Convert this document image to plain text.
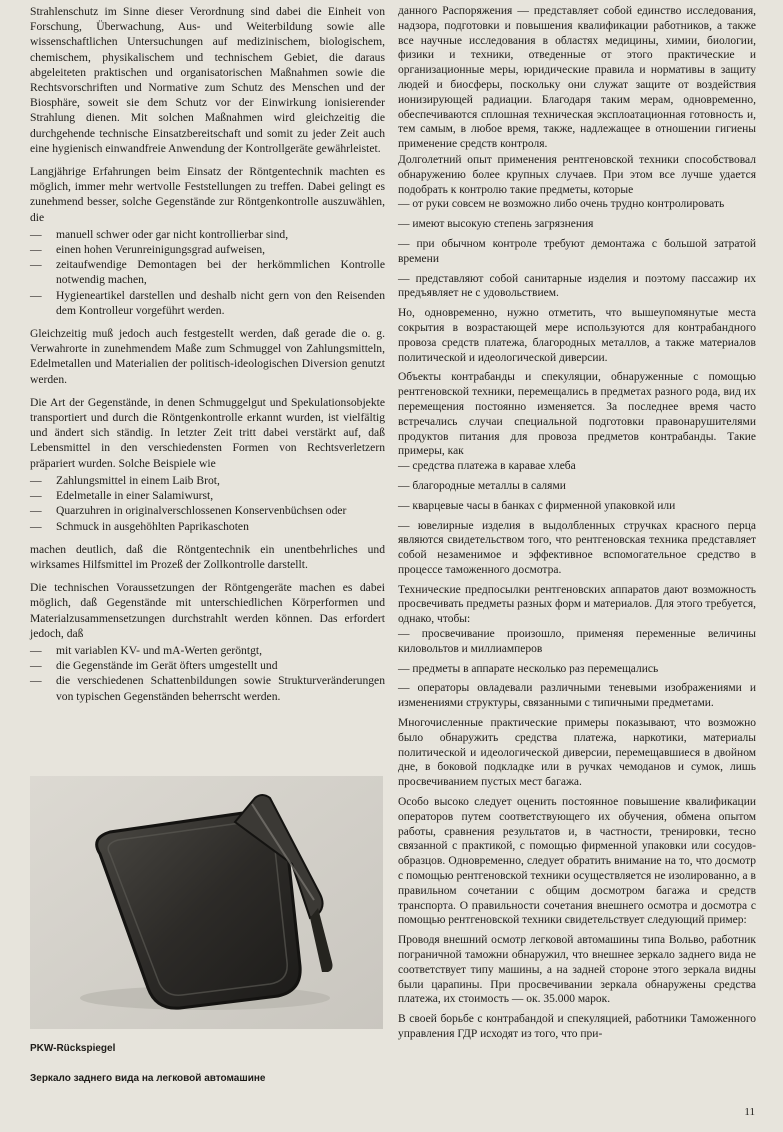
Strahlenschutz im Sinne dieser Verordnung sind dabei die Einheit von Forschung, Überwachung, Aus- und Weiterbildung sowie alle wissenschaftlichen Untersuchungen auf medizinischem, biologischem, chemischem, physikalischem und technischem Gebiet, die daraus abgeleiteten praktischen und organisatorischen Maßnahmen sowie die Rechtsvorschriften und Normative zum Schutz des Menschen und der Biosphäre, soweit sie dem Schutz vor der Einwirkung ionisierender Strahlung dienen. Mit solchen Maßnahmen wird gleichzeitig die durchgehende technische Einsatzbereitschaft und somit zu jeder Zeit auch eine hygienisch einwandfreie Anwendung der Kontrollgeräte gewährleistet.

Langjährige Erfahrungen beim Einsatz der Röntgentechnik machten es möglich, immer mehr wertvolle Feststellungen zu treffen. Dabei gelingt es zunehmend besser, solche Gegenstände zur Röntgenkontrolle auszuwählen, die

— manuell schwer oder gar nicht kontrollierbar sind,
— einen hohen Verunreinigungsgrad aufweisen,
— zeitaufwendige Demontagen bei der herkömmlichen Kontrolle notwendig machen,
— Hygieneartikel darstellen und deshalb nicht gern von den Reisenden dem Kontrolleur vorgeführt werden.

Gleichzeitig muß jedoch auch festgestellt werden, daß gerade die o. g. Verwahrorte in zunehmendem Maße zum Schmuggel von Zahlungsmitteln, Edelmetallen und Materialien der politisch-ideologischen Diversion genutzt werden.

Die Art der Gegenstände, in denen Schmuggelgut und Spekulationsobjekte transportiert und durch die Röntgenkontrolle erkannt wurden, ist vielfältig und ändert sich ständig. In letzter Zeit tritt dabei verstärkt auf, daß Lebensmittel in den verschiedensten Formen von Rechtsverletzern präpariert wurden. Solche Beispiele wie

— Zahlungsmittel in einem Laib Brot,
— Edelmetalle in einer Salamiwurst,
— Quarzuhren in originalverschlossenen Konservenbüchsen oder
— Schmuck in ausgehöhlten Paprikaschoten

machen deutlich, daß die Röntgentechnik ein unentbehrliches und wirksames Hilfsmittel im Prozeß der Zollkontrolle darstellt.

Die technischen Voraussetzungen der Röntgengeräte machen es dabei möglich, daß Gegenstände mit unterschiedlichen Körperformen und Materialzusammensetzungen durchstrahlt werden können. Das erfordert jedoch, daß

— mit variablen KV- und mA-Werten geröntgt,
— die Gegenstände im Gerät öfters umgestellt und
— die verschiedenen Schattenbildungen sowie Strukturveränderungen von typischen Gegenständen beherrscht werden.
PKW-Rückspiegel
Зеркало заднего вида на легковой автомашине

данного Распоряжения — представляет собой единство исследования, надзора, подготовки и повышения квалификации работников, а также все научные исследования в областях медицины, химии, биологии, физики и техники, отведенные от этого практические и организационные меры, юридические правила и нормативы в защиту людей и биосферы, поскольку они служат защите от воздействия ионизирующей радиации. Благодаря таким мерам, одновременно, обеспечиваются сплошная техническая эксплоатационная готовность и, тем самым, в любое время, также, надлежащее в отношении гигиены применение средств контроля.

Долголетний опыт применения рентгеновской техники способствовал обнаружению более крупных случаев. При этом все лучше удается подобрать к контролю такие предметы, которые

— от руки совсем не возможно либо очень трудно контролировать

— имеют высокую степень загрязнения

— при обычном контроле требуют демонтажа с большой затратой времени

— представляют собой санитарные изделия и поэтому пассажир их предъявляет не с удовольствием.

Но, одновременно, нужно отметить, что вышеупомянутые места сокрытия в возрастающей мере используются для контрабандного провоза средств платежа, благородных металлов, а также материалов политической и идеологической диверсии.

Объекты контрабанды и спекуляции, обнаруженные с помощью рентгеновской техники, перемещались в предметах разного рода, вид их перемещения постоянно изменяется. За последнее время часто встречались случаи специальной подготовки правонарушителями продуктов питания для провоза предметов контрабанды. Такие примеры, как

— средства платежа в каравае хлеба

— благородные металлы в салями

— кварцевые часы в банках с фирменной упаковкой или

— ювелирные изделия в выдолбленных стручках красного перца являются свидетельством того, что рентгеновская техника представляет собой незаменимое и эффективное вспомогательное средство в процессе таможенного досмотра.

Технические предпосылки рентгеновских аппаратов дают возможность просвечивать предметы разных форм и материалов. Для этого требуется, однако, чтобы:

— просвечивание произошло, применяя переменные величины киловольтов и миллиамперов

— предметы в аппарате несколько раз перемещались

— операторы овладевали различными теневыми изображениями и изменениями структуры, связанными с типичными предметами.

Многочисленные практические примеры показывают, что возможно было обнаружить средства платежа, наркотики, материалы политической и идеологической диверсии, перемещавшиеся в двойном дне, в боковой подкладке или в ручках чемоданов и сумок, лишь просвечиванием пустых мест багажа.

Особо высоко следует оценить постоянное повышение квалификации операторов путем соответствующего их обучения, обмена опытом работы, сравнения результатов и, в частности, тренировки, тесно связанной с практикой, с помощью фирменной упаковки или сосудов-образцов. Одновременно, следует обратить внимание на то, что досмотр с помощью рентгеновской техники осуществляется не изолированно, а в правильном сочетании с общим досмотром багажа и средств транспорта. О правильности сочетания внешнего осмотра и досмотра с помощью рентгеновской техники свидетельствует следующий пример:

Проводя внешний осмотр легковой автомашины типа Вольво, работник пограничной таможни обнаружил, что внешнее зеркало заднего вида не соответствует типу машины, а на задней стороне этого зеркала видны были царапины. При просвечивании зеркала обнаружены средства платежа, их стоимость — ок. 35.000 марок.

В своей борьбе с контрабандой и спекуляцией, работники Таможенного управления ГДР исходят из того, что при-

11
